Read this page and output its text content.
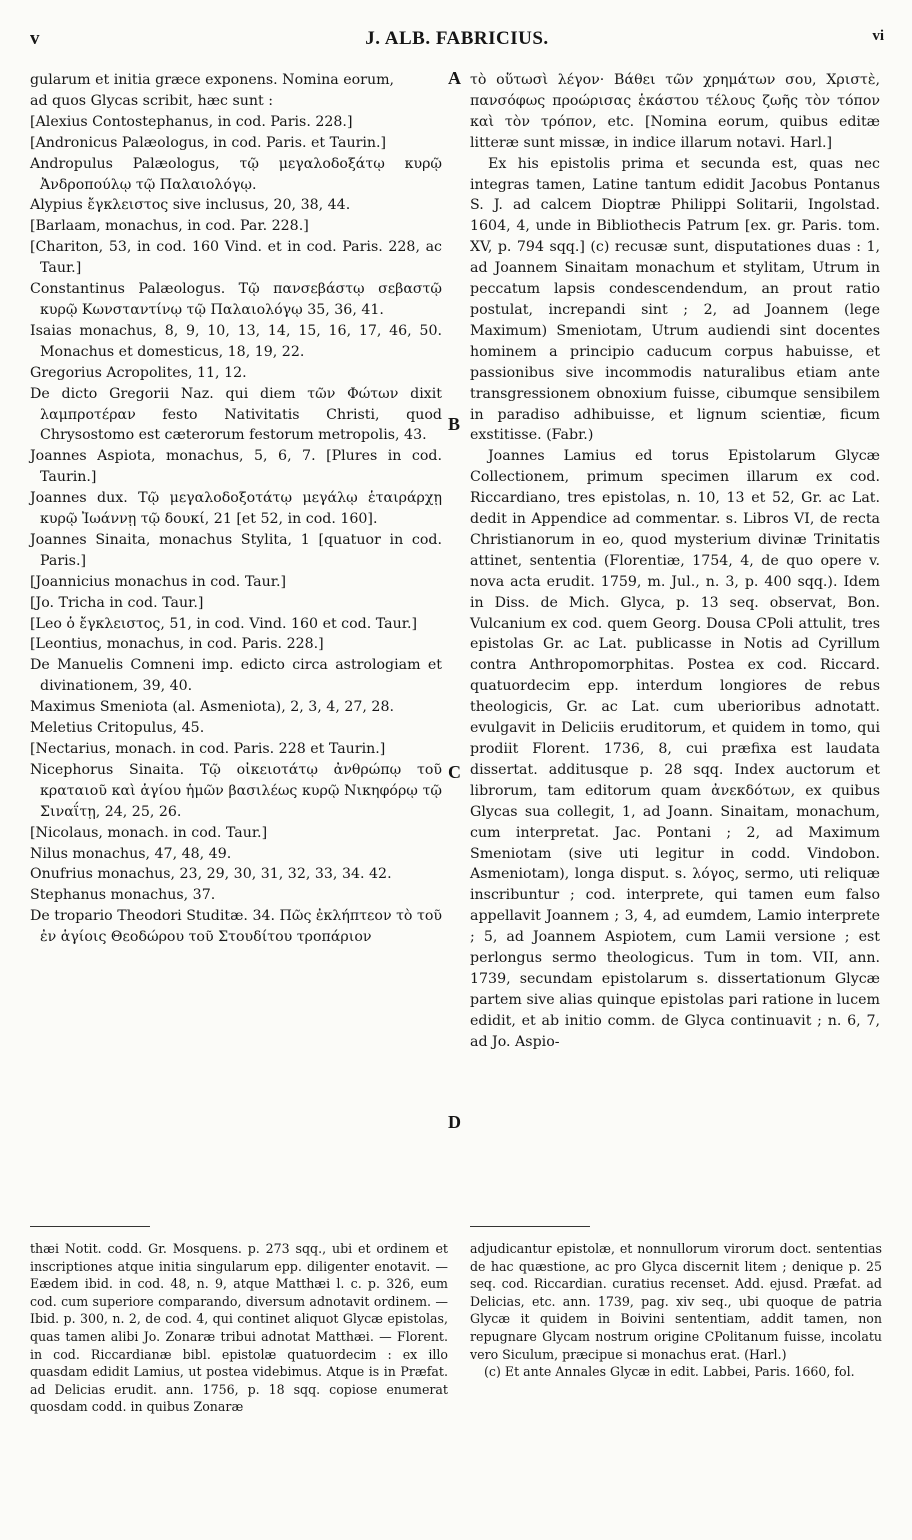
v	J. ALB. FABRICIUS.	vi
A
B
C
D

gularum et initia græce exponens. Nomina eorum,

ad quos Glycas scribit, hæc sunt :

[Alexius Contostephanus, in cod. Paris. 228.]

[Andronicus Palæologus, in cod. Paris. et Taurin.]

Andropulus Palæologus, τῷ μεγαλοδοξάτῳ κυρῷ Ἀνδροπούλῳ τῷ Παλαιολόγῳ.

Alypius ἔγκλειστος sive inclusus, 20, 38, 44.

[Barlaam, monachus, in cod. Par. 228.]

[Chariton, 53, in cod. 160 Vind. et in cod. Paris. 228, ac Taur.]

Constantinus Palæologus. Τῷ πανσεβάστῳ σεβαστῷ κυρῷ Κωνσταντίνῳ τῷ Παλαιολόγῳ 35, 36, 41.

Isaias monachus, 8, 9, 10, 13, 14, 15, 16, 17, 46, 50. Monachus et domesticus, 18, 19, 22.

Gregorius Acropolites, 11, 12.

De dicto Gregorii Naz. qui diem τῶν Φώτων dixit λαμπροτέραν festo Nativitatis Christi, quod Chrysostomo est cæterorum festorum metropolis, 43.

Joannes Aspiota, monachus, 5, 6, 7. [Plures in cod. Taurin.]

Joannes dux. Τῷ μεγαλοδοξοτάτῳ μεγάλῳ ἑταιράρχῃ κυρῷ Ἰωάννῃ τῷ δουκί, 21 [et 52, in cod. 160].

Joannes Sinaita, monachus Stylita, 1 [quatuor in cod. Paris.]

[Joannicius monachus in cod. Taur.]

[Jo. Tricha in cod. Taur.]

[Leo ὁ ἔγκλειστος, 51, in cod. Vind. 160 et cod. Taur.]

[Leontius, monachus, in cod. Paris. 228.]

De Manuelis Comneni imp. edicto circa astrologiam et divinationem, 39, 40.

Maximus Smeniota (al. Asmeniota), 2, 3, 4, 27, 28.

Meletius Critopulus, 45.

[Nectarius, monach. in cod. Paris. 228 et Taurin.]

Nicephorus Sinaita. Τῷ οἰκειοτάτῳ ἀνθρώπῳ τοῦ κραταιοῦ καὶ ἁγίου ἡμῶν βασιλέως κυρῷ Νικηφόρῳ τῷ Σιναΐτῃ, 24, 25, 26.

[Nicolaus, monach. in cod. Taur.]

Nilus monachus, 47, 48, 49.

Onufrius monachus, 23, 29, 30, 31, 32, 33, 34. 42.

Stephanus monachus, 37.

De tropario Theodori Studitæ. 34. Πῶς ἐκλήπτεον τὸ τοῦ ἐν ἁγίοις Θεοδώρου τοῦ Στουδίτου τροπάριον

τὸ οὕτωσὶ λέγον· Βάθει τῶν χρημάτων σου, Χριστὲ, πανσόφως προώρισας ἑκάστου τέλους ζωῆς τὸν τόπον καὶ τὸν τρόπον, etc. [Nomina eorum, quibus editæ litteræ sunt missæ, in indice illarum notavi. Harl.]

Ex his epistolis prima et secunda est, quas nec integras tamen, Latine tantum edidit Jacobus Pontanus S. J. ad calcem Dioptræ Philippi Solitarii, Ingolstad. 1604, 4, unde in Bibliothecis Patrum [ex. gr. Paris. tom. XV, p. 794 sqq.] (c) recusæ sunt, disputationes duas : 1, ad Joannem Sinaitam monachum et stylitam, Utrum in peccatum lapsis condescendendum, an prout ratio postulat, increpandi sint ; 2, ad Joannem (lege Maximum) Smeniotam, Utrum audiendi sint docentes hominem a principio caducum corpus habuisse, et passionibus sive incommodis naturalibus etiam ante transgressionem obnoxium fuisse, cibumque sensibilem in paradiso adhibuisse, et lignum scientiæ, ficum exstitisse. (Fabr.)

Joannes Lamius ed torus Epistolarum Glycæ Collectionem, primum specimen illarum ex cod. Riccardiano, tres epistolas, n. 10, 13 et 52, Gr. ac Lat. dedit in Appendice ad commentar. s. Libros VI, de recta Christianorum in eo, quod mysterium divinæ Trinitatis attinet, sententia (Florentiæ, 1754, 4, de quo opere v. nova acta erudit. 1759, m. Jul., n. 3, p. 400 sqq.). Idem in Diss. de Mich. Glyca, p. 13 seq. observat, Bon. Vulcanium ex cod. quem Georg. Dousa CPoli attulit, tres epistolas Gr. ac Lat. publicasse in Notis ad Cyrillum contra Anthropomorphitas. Postea ex cod. Riccard. quatuordecim epp. interdum longiores de rebus theologicis, Gr. ac Lat. cum uberioribus adnotatt. evulgavit in Deliciis eruditorum, et quidem in tomo, qui prodiit Florent. 1736, 8, cui præfixa est laudata dissertat. additusque p. 28 sqq. Index auctorum et librorum, tam editorum quam ἀνεκδότων, ex quibus Glycas sua collegit, 1, ad Joann. Sinaitam, monachum, cum interpretat. Jac. Pontani ; 2, ad Maximum Smeniotam (sive uti legitur in codd. Vindobon. Asmeniotam), longa disput. s. λόγος, sermo, uti reliquæ inscribuntur ; cod. interprete, qui tamen eum falso appellavit Joannem ; 3, 4, ad eumdem, Lamio interprete ; 5, ad Joannem Aspiotem, cum Lamii versione ; est perlongus sermo theologicus. Tum in tom. VII, ann. 1739, secundam epistolarum s. dissertationum Glycæ partem sive alias quinque epistolas pari ratione in lucem edidit, et ab initio comm. de Glyca continuavit ; n. 6, 7, ad Jo. Aspio-

thæi Notit. codd. Gr. Mosquens. p. 273 sqq., ubi et ordinem et inscriptiones atque initia singularum epp. diligenter enotavit. — Eædem ibid. in cod. 48, n. 9, atque Matthæi l. c. p. 326, eum cod. cum superiore comparando, diversum adnotavit ordinem. — Ibid. p. 300, n. 2, de cod. 4, qui continet aliquot Glycæ epistolas, quas tamen alibi Jo. Zonaræ tribui adnotat Matthæi. — Florent. in cod. Riccardianæ bibl. epistolæ quatuordecim : ex illo quasdam edidit Lamius, ut postea videbimus. Atque is in Præfat. ad Delicias erudit. ann. 1756, p. 18 sqq. copiose enumerat quosdam codd. in quibus Zonaræ

adjudicantur epistolæ, et nonnullorum virorum doct. sententias de hac quæstione, ac pro Glyca discernit litem ; denique p. 25 seq. cod. Riccardian. curatius recenset. Add. ejusd. Præfat. ad Delicias, etc. ann. 1739, pag. xiv seq., ubi quoque de patria Glycæ it quidem in Boivini sententiam, addit tamen, non repugnare Glycam nostrum origine CPolitanum fuisse, incolatu vero Siculum, præcipue si monachus erat. (Harl.)

(c) Et ante Annales Glycæ in edit. Labbei, Paris. 1660, fol.
